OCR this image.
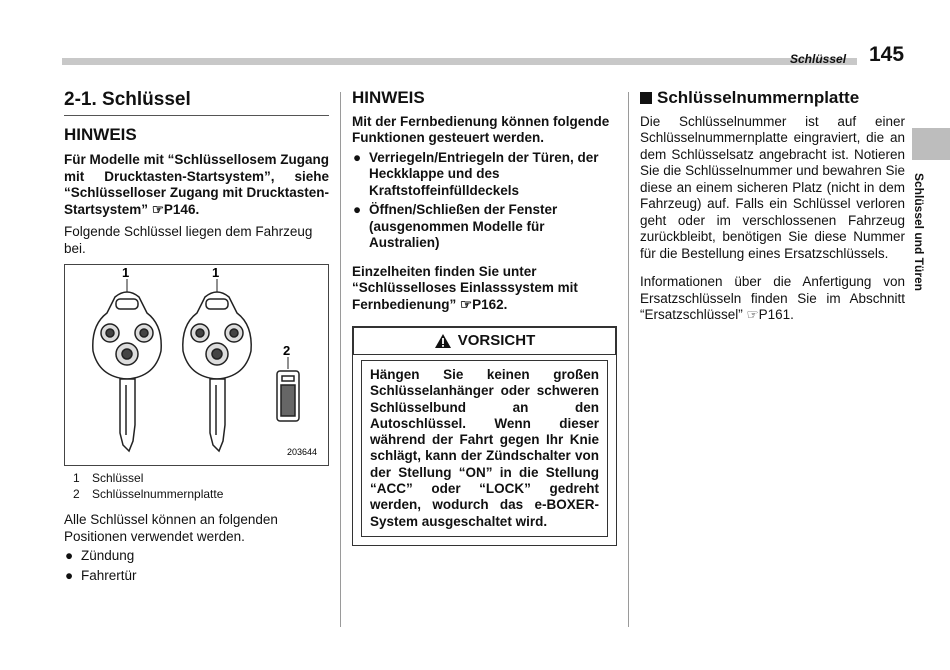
Schlüssel 145
Schlüssel und Türen
2-1. Schlüssel
HINWEIS

Für Modelle mit “Schlüssellosem Zugang mit Drucktasten-Startsystem”, siehe “Schlüsselloser Zugang mit Drucktasten-Startsystem” ☞P146.

Folgende Schlüssel liegen dem Fahrzeug bei.

1	1
2
203644
1 Schlüssel
2 Schlüsselnummernplatte

Alle Schlüssel können an folgenden Positionen verwendet werden.

● Zündung
● Fahrertür
HINWEIS

Mit der Fernbedienung können folgende Funktionen gesteuert werden.

● Verriegeln/Entriegeln der Türen, der Heckklappe und des Kraftstoffeinfülldeckels
● Öffnen/Schließen der Fenster (ausgenommen Modelle für Australien)

Einzelheiten finden Sie unter “Schlüsselloses Einlasssystem mit Fernbedienung” ☞P162.

VORSICHT
Hängen Sie keinen großen Schlüsselanhänger oder schweren Schlüsselbund an den Autoschlüssel. Wenn dieser während der Fahrt gegen Ihr Knie schlägt, kann der Zündschalter von der Stellung “ON” in die Stellung “ACC” oder “LOCK” gedreht werden, wodurch das e-BOXER-System ausgeschaltet wird.
Schlüsselnummernplatte

Die Schlüsselnummer ist auf einer Schlüsselnummernplatte eingraviert, die an dem Schlüsselsatz angebracht ist. Notieren Sie die Schlüsselnummer und bewahren Sie diese an einem sicheren Platz (nicht in dem Fahrzeug) auf. Falls ein Schlüssel verloren geht oder im verschlossenen Fahrzeug zurückbleibt, benötigen Sie diese Nummer für die Bestellung eines Ersatzschlüssels.

Informationen über die Anfertigung von Ersatzschlüsseln finden Sie im Abschnitt “Ersatzschlüssel” ☞P161.
